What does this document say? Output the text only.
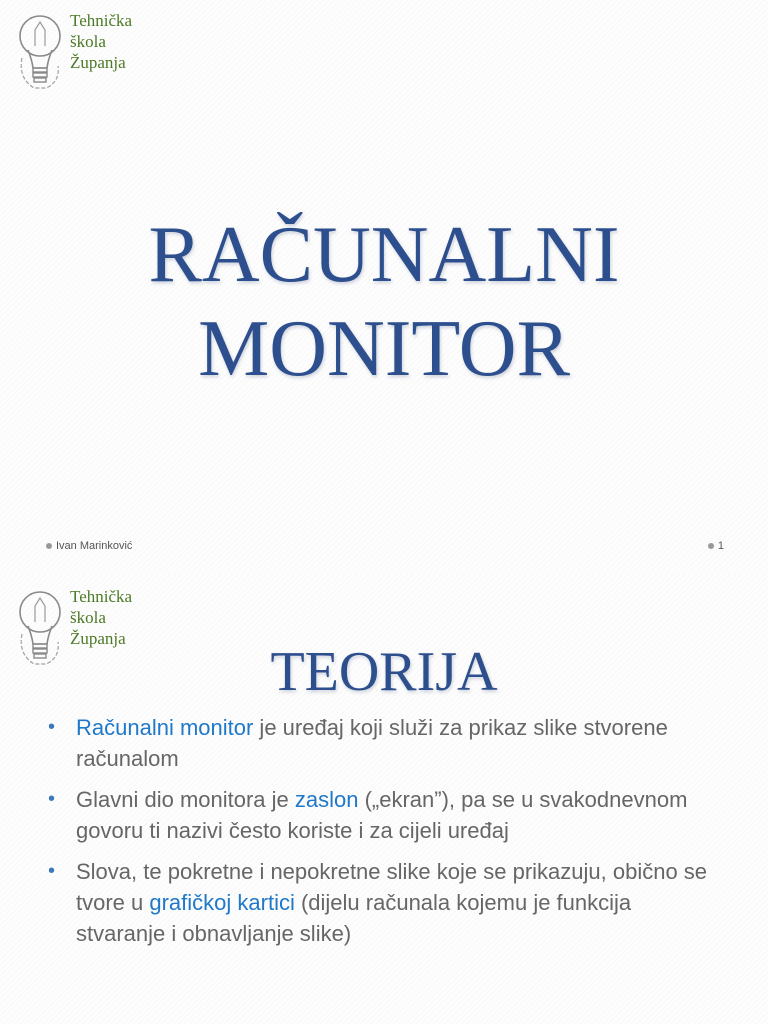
Tehnička
škola
Županja
RAČUNALNI
MONITOR
Ivan Marinković	1
Tehnička
škola
Županja
TEORIJA
• Računalni monitor je uređaj koji služi za prikaz slike stvorene računalom
• Glavni dio monitora je zaslon („ekran”), pa se u svakodnevnom govoru ti nazivi često koriste i za cijeli uređaj
• Slova, te pokretne i nepokretne slike koje se prikazuju, obično se tvore u grafičkoj kartici (dijelu računala kojemu je funkcija stvaranje i obnavljanje slike)
